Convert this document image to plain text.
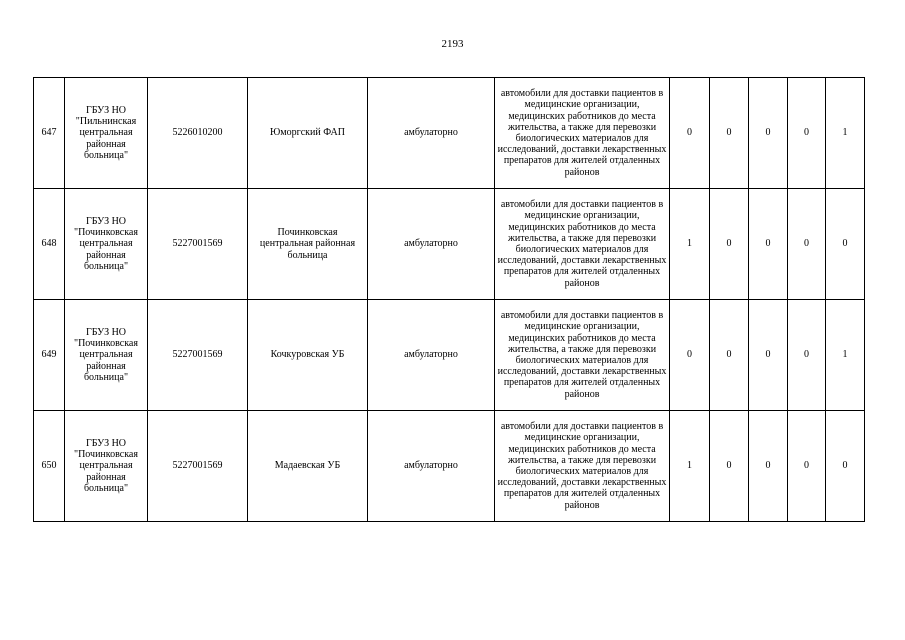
2193
647	ГБУЗ НО "Пильнинская центральная районная больница"	5226010200	Юморгский ФАП	амбулаторно	автомобили для доставки пациентов в медицинские организации, медицинских работников до места жительства, а также для перевозки биологических материалов для исследований, доставки лекарственных препаратов для жителей отдаленных районов	0	0	0	0	1
648	ГБУЗ НО "Починковская центральная районная больница"	5227001569	Починковская центральная районная больница	амбулаторно	автомобили для доставки пациентов в медицинские организации, медицинских работников до места жительства, а также для перевозки биологических материалов для исследований, доставки лекарственных препаратов для жителей отдаленных районов	1	0	0	0	0
649	ГБУЗ НО "Починковская центральная районная больница"	5227001569	Кочкуровская УБ	амбулаторно	автомобили для доставки пациентов в медицинские организации, медицинских работников до места жительства, а также для перевозки биологических материалов для исследований, доставки лекарственных препаратов для жителей отдаленных районов	0	0	0	0	1
650	ГБУЗ НО "Починковская центральная районная больница"	5227001569	Мадаевская УБ	амбулаторно	автомобили для доставки пациентов в медицинские организации, медицинских работников до места жительства, а также для перевозки биологических материалов для исследований, доставки лекарственных препаратов для жителей отдаленных районов	1	0	0	0	0
